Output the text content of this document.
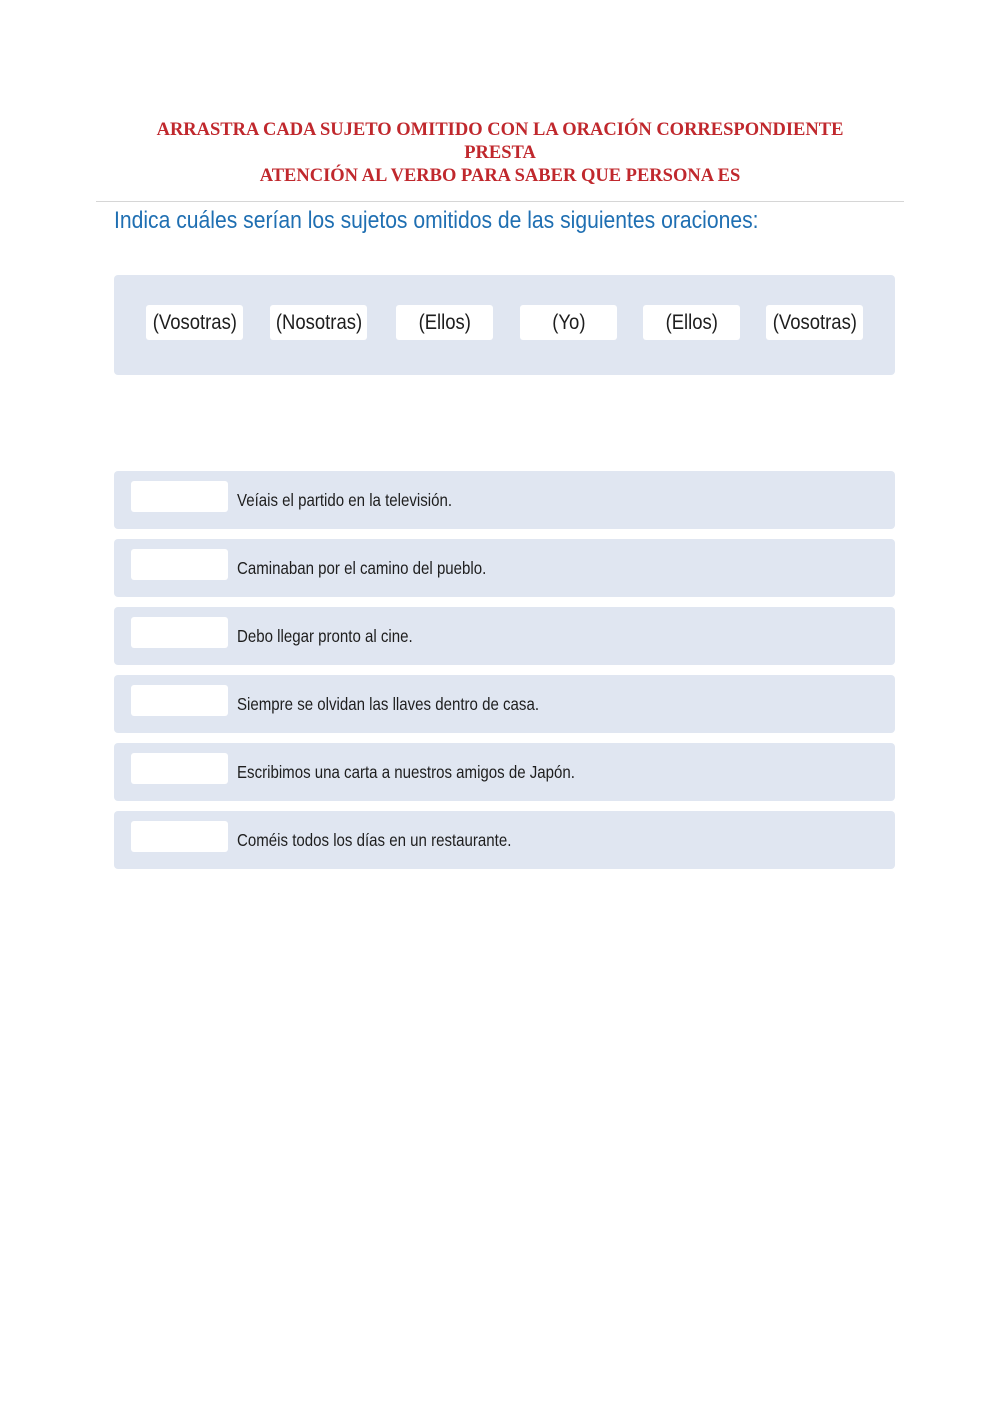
ARRASTRA CADA SUJETO OMITIDO CON LA ORACIÓN CORRESPONDIENTE
PRESTA
ATENCIÓN AL VERBO PARA SABER QUE PERSONA ES
Indica cuáles serían los sujetos omitidos de las siguientes oraciones:
(Vosotras)	(Nosotras)	(Ellos)	(Yo)	(Ellos)	(Vosotras)
Veíais el partido en la televisión.
Caminaban por el camino del pueblo.
Debo llegar pronto al cine.
Siempre se olvidan las llaves dentro de casa.
Escribimos una carta a nuestros amigos de Japón.
Coméis todos los días en un restaurante.
